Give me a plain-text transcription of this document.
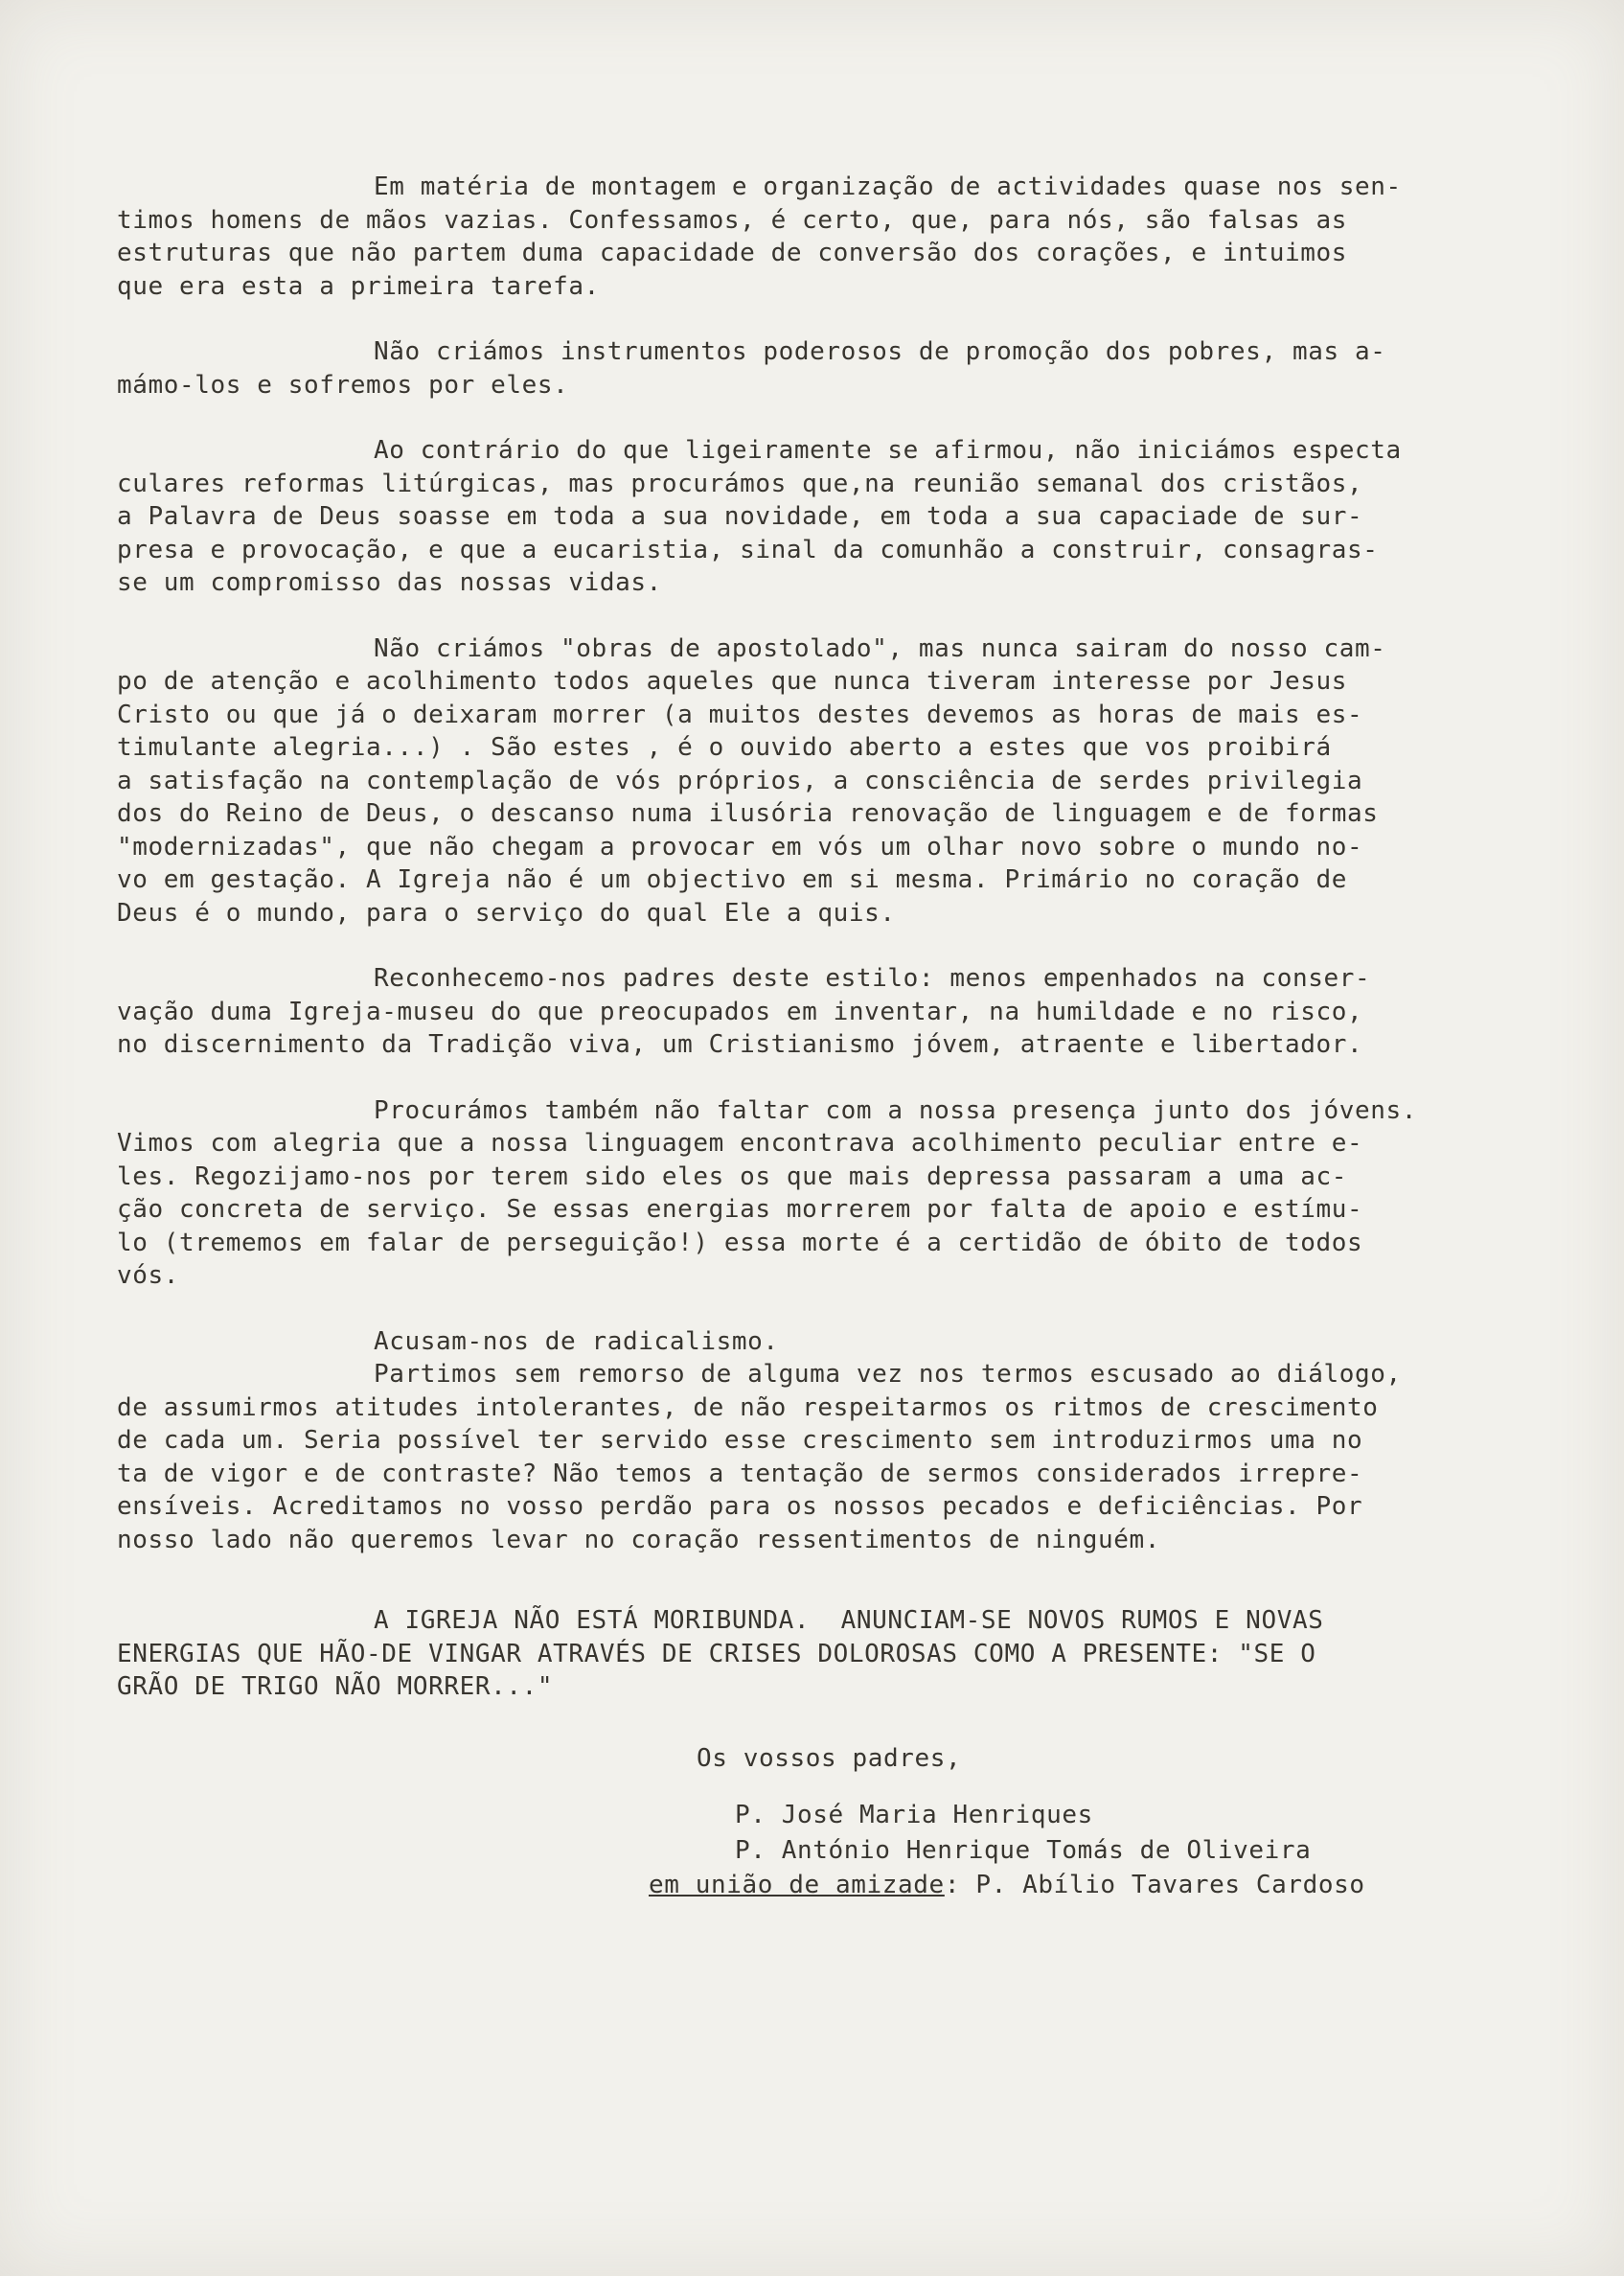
Em matéria de montagem e organização de actividades quase nos sen-
timos homens de mãos vazias. Confessamos, é certo, que, para nós, são falsas as
estruturas que não partem duma capacidade de conversão dos corações, e intuimos
que era esta a primeira tarefa.

Não criámos instrumentos poderosos de promoção dos pobres, mas a-
mámo-los e sofremos por eles.

Ao contrário do que ligeiramente se afirmou, não iniciámos especta
culares reformas litúrgicas, mas procurámos que,na reunião semanal dos cristãos,
a Palavra de Deus soasse em toda a sua novidade, em toda a sua capaciade de sur-
presa e provocação, e que a eucaristia, sinal da comunhão a construir, consagras-
se um compromisso das nossas vidas.

Não criámos "obras de apostolado", mas nunca sairam do nosso cam-
po de atenção e acolhimento todos aqueles que nunca tiveram interesse por Jesus
Cristo ou que já o deixaram morrer (a muitos destes devemos as horas de mais es-
timulante alegria...) . São estes , é o ouvido aberto a estes que vos proibirá
a satisfação na contemplação de vós próprios, a consciência de serdes privilegia
dos do Reino de Deus, o descanso numa ilusória renovação de linguagem e de formas
"modernizadas", que não chegam a provocar em vós um olhar novo sobre o mundo no-
vo em gestação. A Igreja não é um objectivo em si mesma. Primário no coração de
Deus é o mundo, para o serviço do qual Ele a quis.

Reconhecemo-nos padres deste estilo: menos empenhados na conser-
vação duma Igreja-museu do que preocupados em inventar, na humildade e no risco,
no discernimento da Tradição viva, um Cristianismo jóvem, atraente e libertador.

Procurámos também não faltar com a nossa presença junto dos jóvens.
Vimos com alegria que a nossa linguagem encontrava acolhimento peculiar entre e-
les. Regozijamo-nos por terem sido eles os que mais depressa passaram a uma ac-
ção concreta de serviço. Se essas energias morrerem por falta de apoio e estímu-
lo (trememos em falar de perseguição!) essa morte é a certidão de óbito de todos
vós.

Acusam-nos de radicalismo.
Partimos sem remorso de alguma vez nos termos escusado ao diálogo,
de assumirmos atitudes intolerantes, de não respeitarmos os ritmos de crescimento
de cada um. Seria possível ter servido esse crescimento sem introduzirmos uma no
ta de vigor e de contraste? Não temos a tentação de sermos considerados irrepre-
ensíveis. Acreditamos no vosso perdão para os nossos pecados e deficiências. Por
nosso lado não queremos levar no coração ressentimentos de ninguém.

A IGREJA NÃO ESTÁ MORIBUNDA.  ANUNCIAM-SE NOVOS RUMOS E NOVAS
ENERGIAS QUE HÃO-DE VINGAR ATRAVÉS DE CRISES DOLOROSAS COMO A PRESENTE: "SE O
GRÃO DE TRIGO NÃO MORRER..."

Os vossos padres,
P. José Maria Henriques
P. António Henrique Tomás de Oliveira
em união de amizade: P. Abílio Tavares Cardoso
